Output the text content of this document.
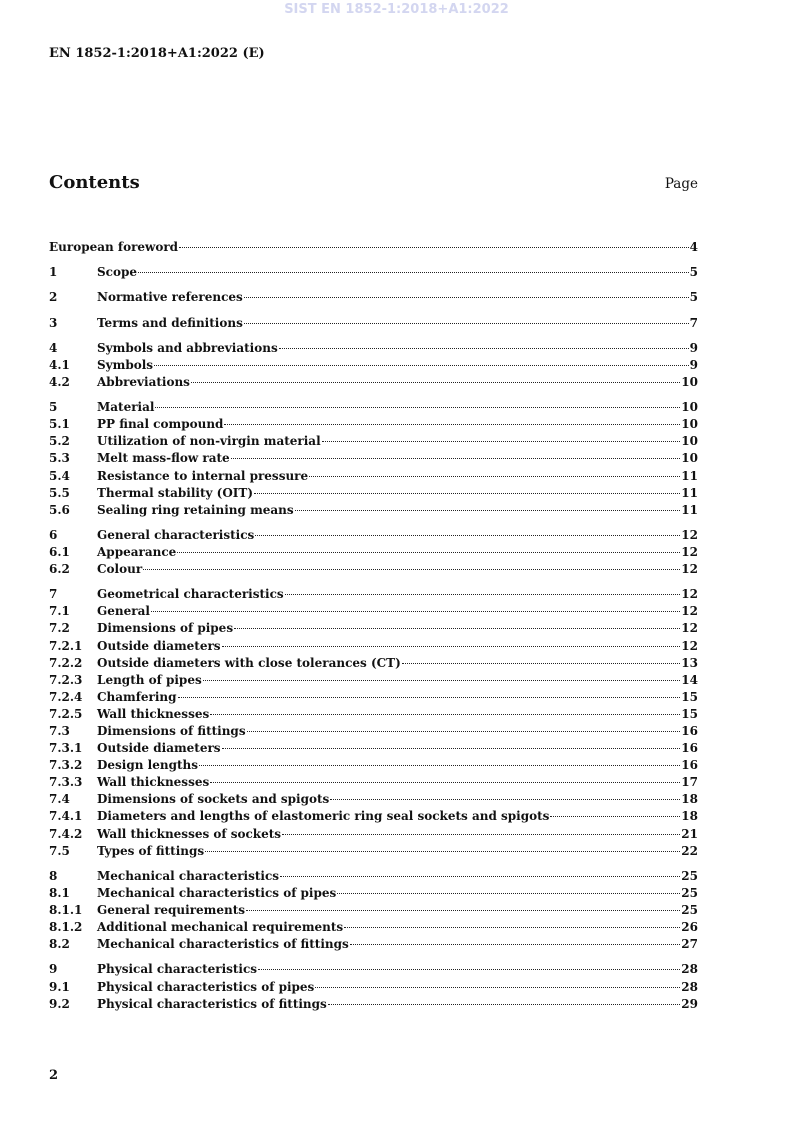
SIST EN 1852-1:2018+A1:2022
EN 1852-1:2018+A1:2022 (E)
Contents	Page
European foreword	4
1	Scope	5
2	Normative references	5
3	Terms and definitions	7
4	Symbols and abbreviations	9
4.1	Symbols	9
4.2	Abbreviations	10
5	Material	10
5.1	PP final compound	10
5.2	Utilization of non-virgin material	10
5.3	Melt mass-flow rate	10
5.4	Resistance to internal pressure	11
5.5	Thermal stability (OIT)	11
5.6	Sealing ring retaining means	11
6	General characteristics	12
6.1	Appearance	12
6.2	Colour	12
7	Geometrical characteristics	12
7.1	General	12
7.2	Dimensions of pipes	12
7.2.1	Outside diameters	12
7.2.2	Outside diameters with close tolerances (CT)	13
7.2.3	Length of pipes	14
7.2.4	Chamfering	15
7.2.5	Wall thicknesses	15
7.3	Dimensions of fittings	16
7.3.1	Outside diameters	16
7.3.2	Design lengths	16
7.3.3	Wall thicknesses	17
7.4	Dimensions of sockets and spigots	18
7.4.1	Diameters and lengths of elastomeric ring seal sockets and spigots	18
7.4.2	Wall thicknesses of sockets	21
7.5	Types of fittings	22
8	Mechanical characteristics	25
8.1	Mechanical characteristics of pipes	25
8.1.1	General requirements	25
8.1.2	Additional mechanical requirements	26
8.2	Mechanical characteristics of fittings	27
9	Physical characteristics	28
9.1	Physical characteristics of pipes	28
9.2	Physical characteristics of fittings	29
2
